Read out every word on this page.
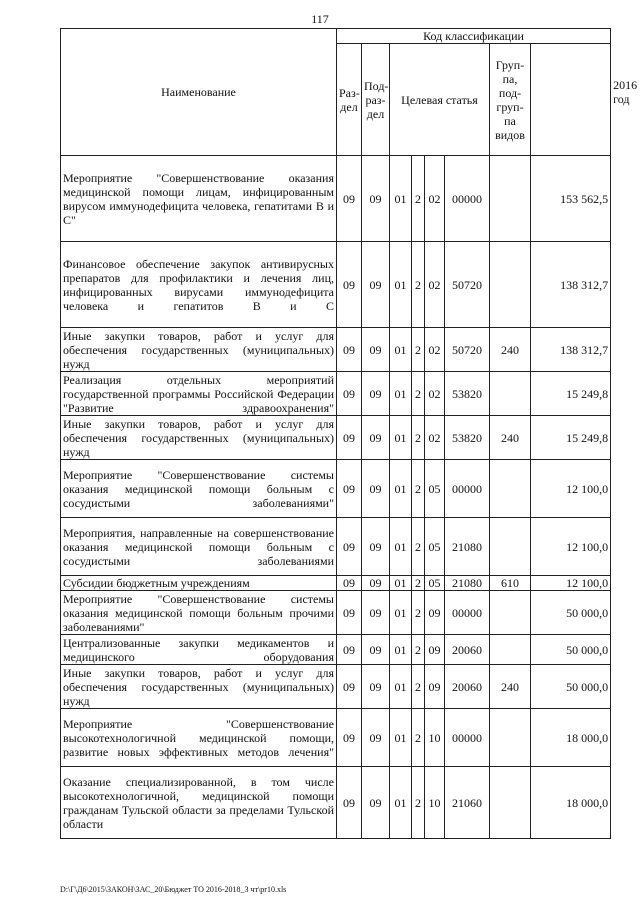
117
Наименование	Код классификации								2016 год
	Раз-дел	Под-раз-дел	Целевая статья				Груп-па, под-груп-па видов		
Мероприятие "Совершенствование оказания медицинской помощи лицам, инфицированным вирусом иммунодефицита человека, гепатитами В и С"	09	09	01	2	02	00000		153 562,5	
Финансовое обеспечение закупок антивирусных препаратов для профилактики и лечения лиц, инфицированных вирусами иммунодефицита человека и гепатитов В и С	09	09	01	2	02	50720		138 312,7	
Иные закупки товаров, работ и услуг для обеспечения государственных (муниципальных) нужд	09	09	01	2	02	50720	240	138 312,7	
Реализация отдельных мероприятий государственной программы Российской Федерации "Развитие здравоохранения"	09	09	01	2	02	53820		15 249,8	
Иные закупки товаров, работ и услуг для обеспечения государственных (муниципальных) нужд	09	09	01	2	02	53820	240	15 249,8	
Мероприятие "Совершенствование системы оказания медицинской помощи больным с сосудистыми заболеваниями"	09	09	01	2	05	00000		12 100,0	
Мероприятия, направленные на совершенствование оказания медицинской помощи больным с сосудистыми заболеваниями	09	09	01	2	05	21080		12 100,0	
Субсидии бюджетным учреждениям	09	09	01	2	05	21080	610	12 100,0	
Мероприятие "Совершенствование системы оказания медицинской помощи больным прочими заболеваниями"	09	09	01	2	09	00000		50 000,0	
Централизованные закупки медикаментов и медицинского оборудования	09	09	01	2	09	20060		50 000,0	
Иные закупки товаров, работ и услуг для обеспечения государственных (муниципальных) нужд	09	09	01	2	09	20060	240	50 000,0	
Мероприятие "Совершенствование высокотехнологичной медицинской помощи, развитие новых эффективных методов лечения"	09	09	01	2	10	00000		18 000,0	
Оказание специализированной, в том числе высокотехнологичной, медицинской помощи гражданам Тульской области за пределами Тульской области	09	09	01	2	10	21060		18 000,0	
D:\Г\Д6\2015\ЗАКОН\ЗАС_20\Бюджет ТО 2016-2018_3 чт\pr10.xls
